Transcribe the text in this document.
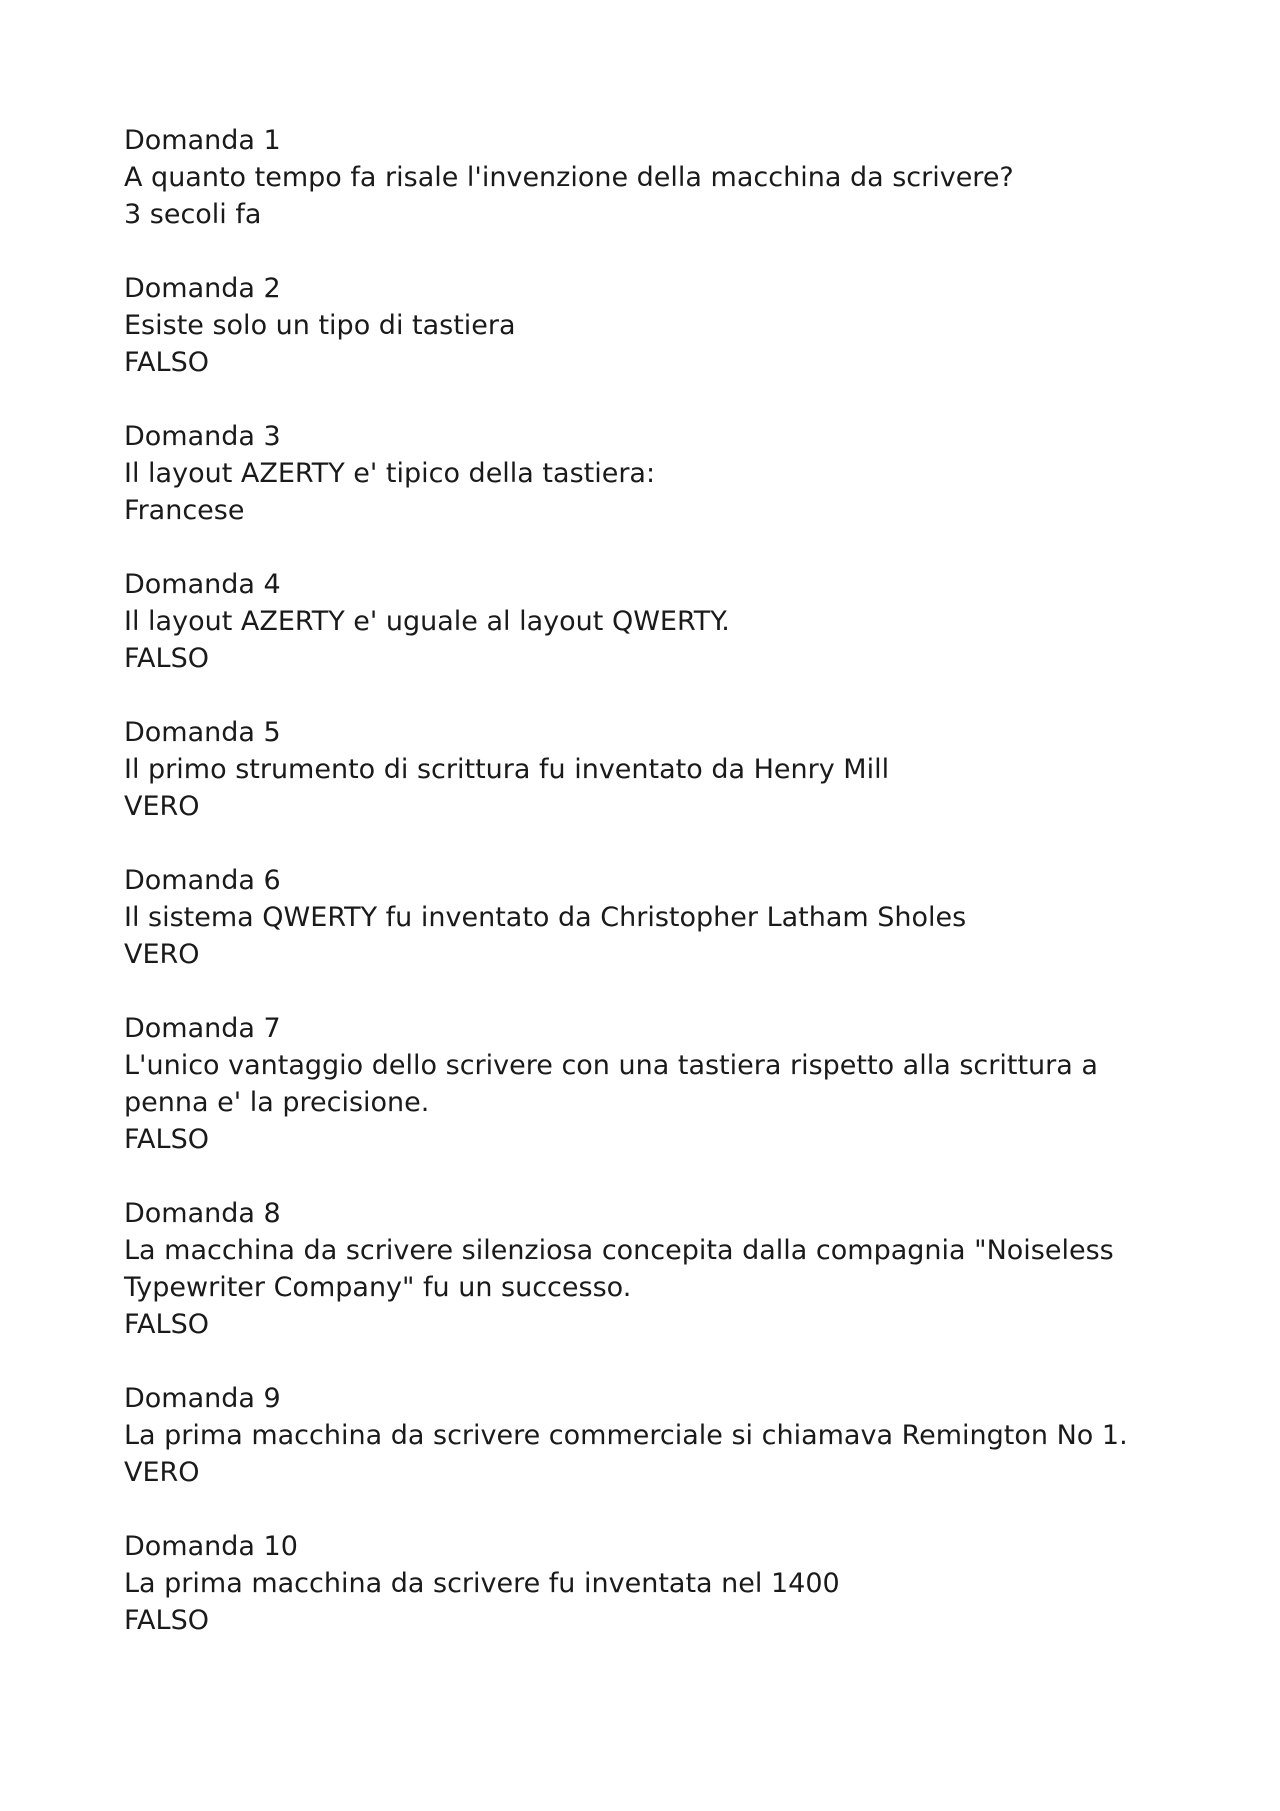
Domanda 1
A quanto tempo fa risale l'invenzione della macchina da scrivere?
3 secoli fa
Domanda 2
Esiste solo un tipo di tastiera
FALSO
Domanda 3
Il layout AZERTY e' tipico della tastiera:
Francese
Domanda 4
Il layout AZERTY e' uguale al layout QWERTY.
FALSO
Domanda 5
Il primo strumento di scrittura fu inventato da Henry Mill
VERO
Domanda 6
Il sistema QWERTY fu inventato da Christopher Latham Sholes
VERO
Domanda 7
L'unico vantaggio dello scrivere con una tastiera rispetto alla scrittura a penna e' la precisione.
FALSO
Domanda 8
La macchina da scrivere silenziosa concepita dalla compagnia "Noiseless Typewriter Company" fu un successo.
FALSO
Domanda 9
La prima macchina da scrivere commerciale si chiamava Remington No 1.
VERO
Domanda 10
La prima macchina da scrivere fu inventata nel 1400
FALSO
